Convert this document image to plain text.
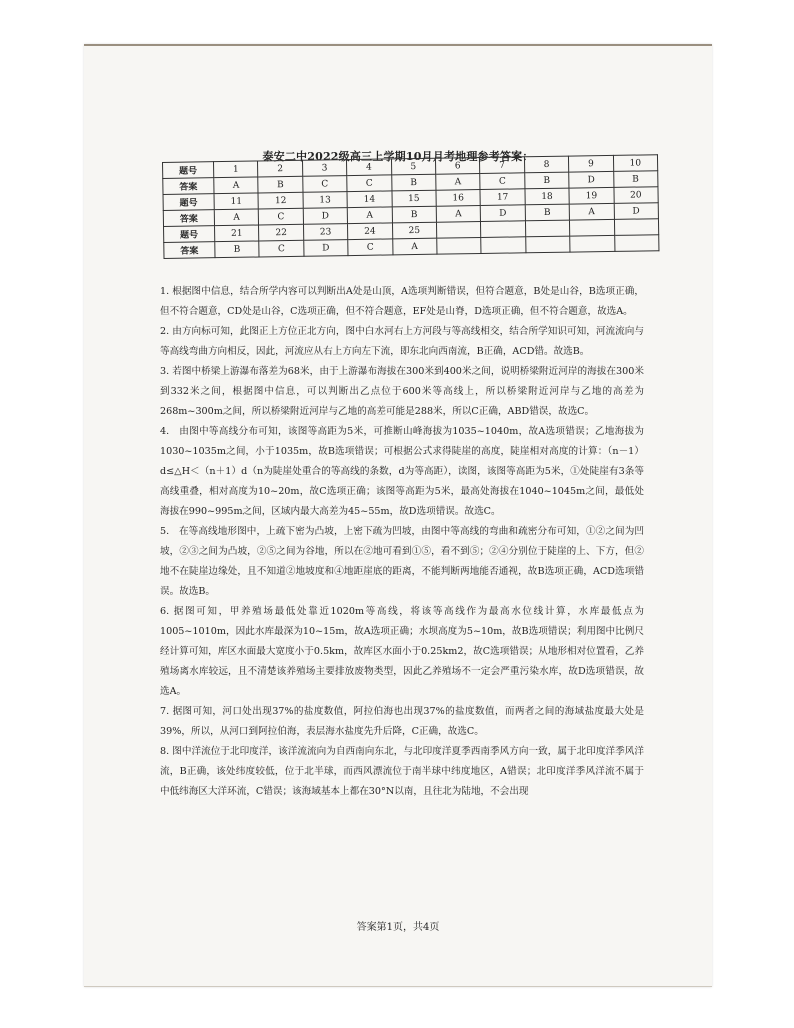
泰安二中2022级高三上学期10月月考地理参考答案：
题号	1	2	3	4	5	6	7	8	9	10
答案	A	B	C	C	B	A	C	B	D	B
题号	11	12	13	14	15	16	17	18	19	20
答案	A	C	D	A	B	A	D	B	A	D
题号	21	22	23	24	25					
答案	B	C	D	C	A					

1. 根据图中信息，结合所学内容可以判断出A处是山顶，A选项判断错误，但符合题意，B处是山谷，B选项正确，但不符合题意，CD处是山谷，C选项正确，但不符合题意，EF处是山脊，D选项正确，但不符合题意，故选A。

2. 由方向标可知，此图正上方位正北方向，图中白水河右上方河段与等高线相交，结合所学知识可知，河流流向与等高线弯曲方向相反，因此，河流应从右上方向左下流，即东北向西南流，B正确，ACD错。故选B。

3. 若图中桥梁上游瀑布落差为68米，由于上游瀑布海拔在300米到400米之间，说明桥梁附近河岸的海拔在300米到332米之间，根据图中信息，可以判断出乙点位于600米等高线上，所以桥梁附近河岸与乙地的高差为268m~300m之间，所以桥梁附近河岸与乙地的高差可能是288米，所以C正确，ABD错误，故选C。

4.　由图中等高线分布可知，该图等高距为5米，可推断山峰海拔为1035~1040m，故A选项错误；乙地海拔为1030~1035m之间，小于1035m，故B选项错误；可根据公式求得陡崖的高度，陡崖相对高度的计算：（n－1）d≤△H＜（n＋1）d（n为陡崖处重合的等高线的条数，d为等高距），读图，该图等高距为5米，①处陡崖有3条等高线重叠，相对高度为10~20m，故C选项正确；该图等高距为5米，最高处海拔在1040~1045m之间，最低处海拔在990~995m之间，区域内最大高差为45~55m，故D选项错误。故选C。

5.　在等高线地形图中，上疏下密为凸坡，上密下疏为凹坡，由图中等高线的弯曲和疏密分布可知，①②之间为凹坡，②③之间为凸坡，②⑤之间为谷地，所以在②地可看到①⑤，看不到⑤；②④分别位于陡崖的上、下方，但②地不在陡崖边缘处，且不知道②地坡度和④地距崖底的距离，不能判断两地能否通视，故B选项正确，ACD选项错误。故选B。

6. 据图可知，甲养殖场最低处靠近1020m等高线，将该等高线作为最高水位线计算，水库最低点为1005~1010m，因此水库最深为10~15m，故A选项正确；水坝高度为5~10m，故B选项错误；利用图中比例尺经计算可知，库区水面最大宽度小于0.5km，故库区水面小于0.25km2，故C选项错误；从地形相对位置看，乙养殖场离水库较远，且不清楚该养殖场主要排放废物类型，因此乙养殖场不一定会严重污染水库，故D选项错误，故选A。

7. 据图可知，河口处出现37%的盐度数值，阿拉伯海也出现37%的盐度数值，而两者之间的海域盐度最大处是39%，所以，从河口到阿拉伯海，表层海水盐度先升后降，C正确，故选C。

8. 图中洋流位于北印度洋，该洋流流向为自西南向东北，与北印度洋夏季西南季风方向一致，属于北印度洋季风洋流，B正确，该处纬度较低，位于北半球，而西风漂流位于南半球中纬度地区，A错误；北印度洋季风洋流不属于中低纬海区大洋环流，C错误；该海域基本上都在30°N以南，且往北为陆地，不会出现

答案第1页，共4页
